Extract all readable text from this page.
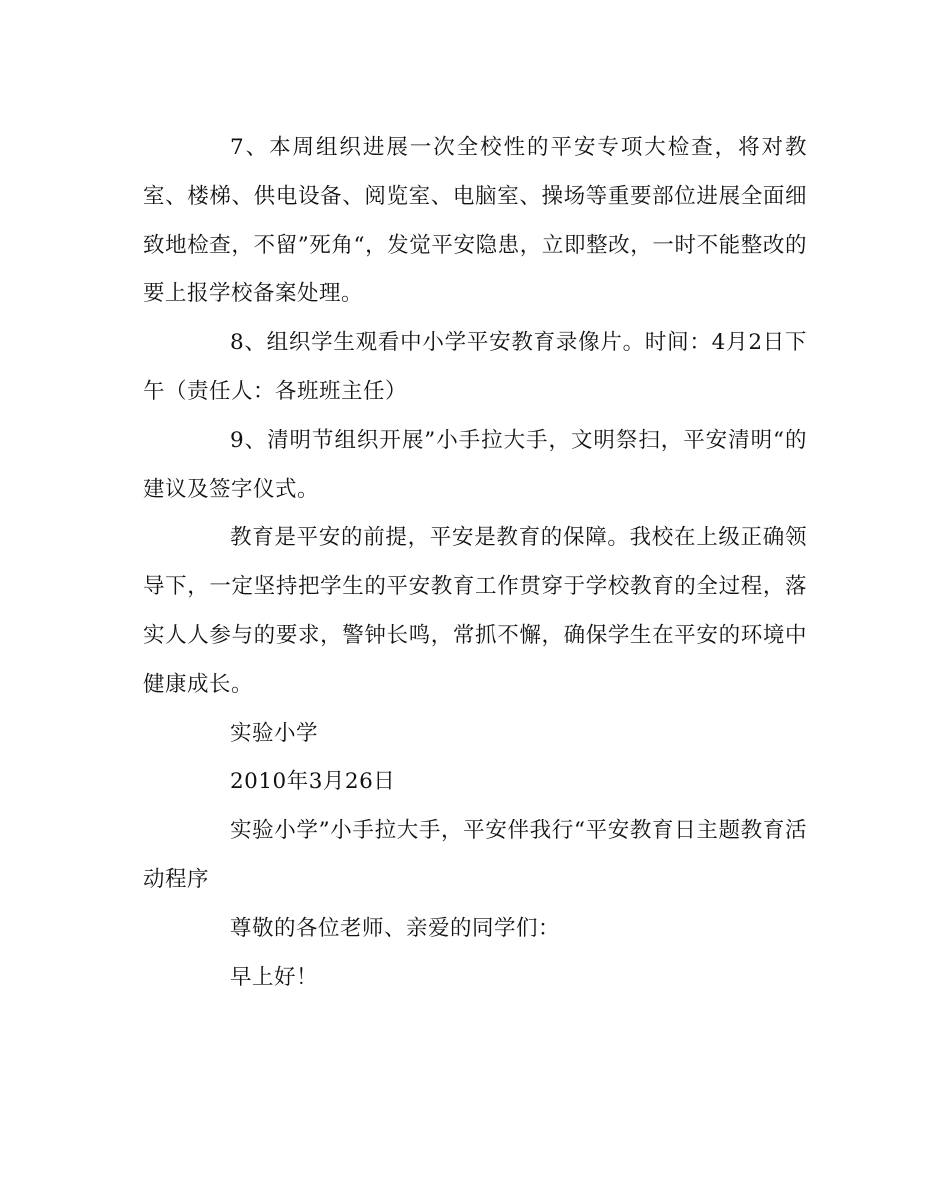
7、本周组织进展一次全校性的平安专项大检查，将对教室、楼梯、供电设备、阅览室、电脑室、操场等重要部位进展全面细致地检查，不留”死角“，发觉平安隐患，立即整改，一时不能整改的要上报学校备案处理。

8、组织学生观看中小学平安教育录像片。时间：4月2日下午（责任人：各班班主任）

9、清明节组织开展”小手拉大手，文明祭扫，平安清明“的建议及签字仪式。

教育是平安的前提，平安是教育的保障。我校在上级正确领导下，一定坚持把学生的平安教育工作贯穿于学校教育的全过程，落实人人参与的要求，警钟长鸣，常抓不懈，确保学生在平安的环境中健康成长。

实验小学

2010年3月26日

实验小学”小手拉大手，平安伴我行“平安教育日主题教育活动程序

尊敬的各位老师、亲爱的同学们：

早上好！
